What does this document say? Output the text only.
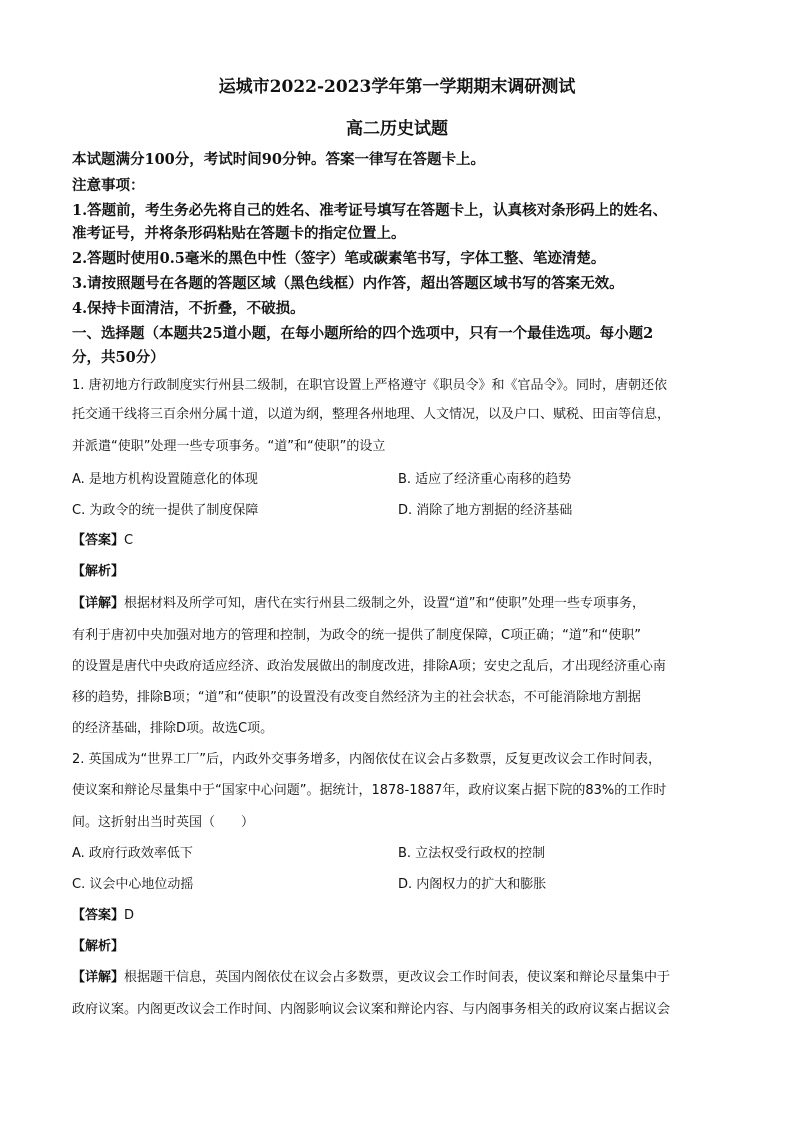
运城市2022-2023学年第一学期期末调研测试
高二历史试题
本试题满分100分，考试时间90分钟。答案一律写在答题卡上。
注意事项：
1.答题前，考生务必先将自己的姓名、准考证号填写在答题卡上，认真核对条形码上的姓名、
准考证号，并将条形码粘贴在答题卡的指定位置上。
2.答题时使用0.5毫米的黑色中性（签字）笔或碳素笔书写，字体工整、笔迹清楚。
3.请按照题号在各题的答题区域（黑色线框）内作答，超出答题区域书写的答案无效。
4.保持卡面清洁，不折叠，不破损。
一、选择题（本题共25道小题，在每小题所给的四个选项中，只有一个最佳选项。每小题2
分，共50分）
1. 唐初地方行政制度实行州县二级制，在职官设置上严格遵守《职员令》和《官品令》。同时，唐朝还依
托交通干线将三百余州分属十道，以道为纲，整理各州地理、人文情况，以及户口、赋税、田亩等信息，
并派遣“使职”处理一些专项事务。“道”和“使职”的设立
A. 是地方机构设置随意化的体现	B. 适应了经济重心南移的趋势
C. 为政令的统一提供了制度保障	D. 消除了地方割据的经济基础
【答案】C
【解析】
【详解】根据材料及所学可知，唐代在实行州县二级制之外，设置“道”和“使职”处理一些专项事务，
有利于唐初中央加强对地方的管理和控制，为政令的统一提供了制度保障，C项正确；“道”和“使职”
的设置是唐代中央政府适应经济、政治发展做出的制度改进，排除A项；安史之乱后，才出现经济重心南
移的趋势，排除B项；“道”和“使职”的设置没有改变自然经济为主的社会状态，不可能消除地方割据
的经济基础，排除D项。故选C项。
2. 英国成为“世界工厂”后，内政外交事务增多，内阁依仗在议会占多数票，反复更改议会工作时间表，
使议案和辩论尽量集中于“国家中心问题”。据统计，1878-1887年，政府议案占据下院的83%的工作时
间。这折射出当时英国（　　）
A. 政府行政效率低下	B. 立法权受行政权的控制
C. 议会中心地位动摇	D. 内阁权力的扩大和膨胀
【答案】D
【解析】
【详解】根据题干信息，英国内阁依仗在议会占多数票，更改议会工作时间表，使议案和辩论尽量集中于
政府议案。内阁更改议会工作时间、内阁影响议会议案和辩论内容、与内阁事务相关的政府议案占据议会
